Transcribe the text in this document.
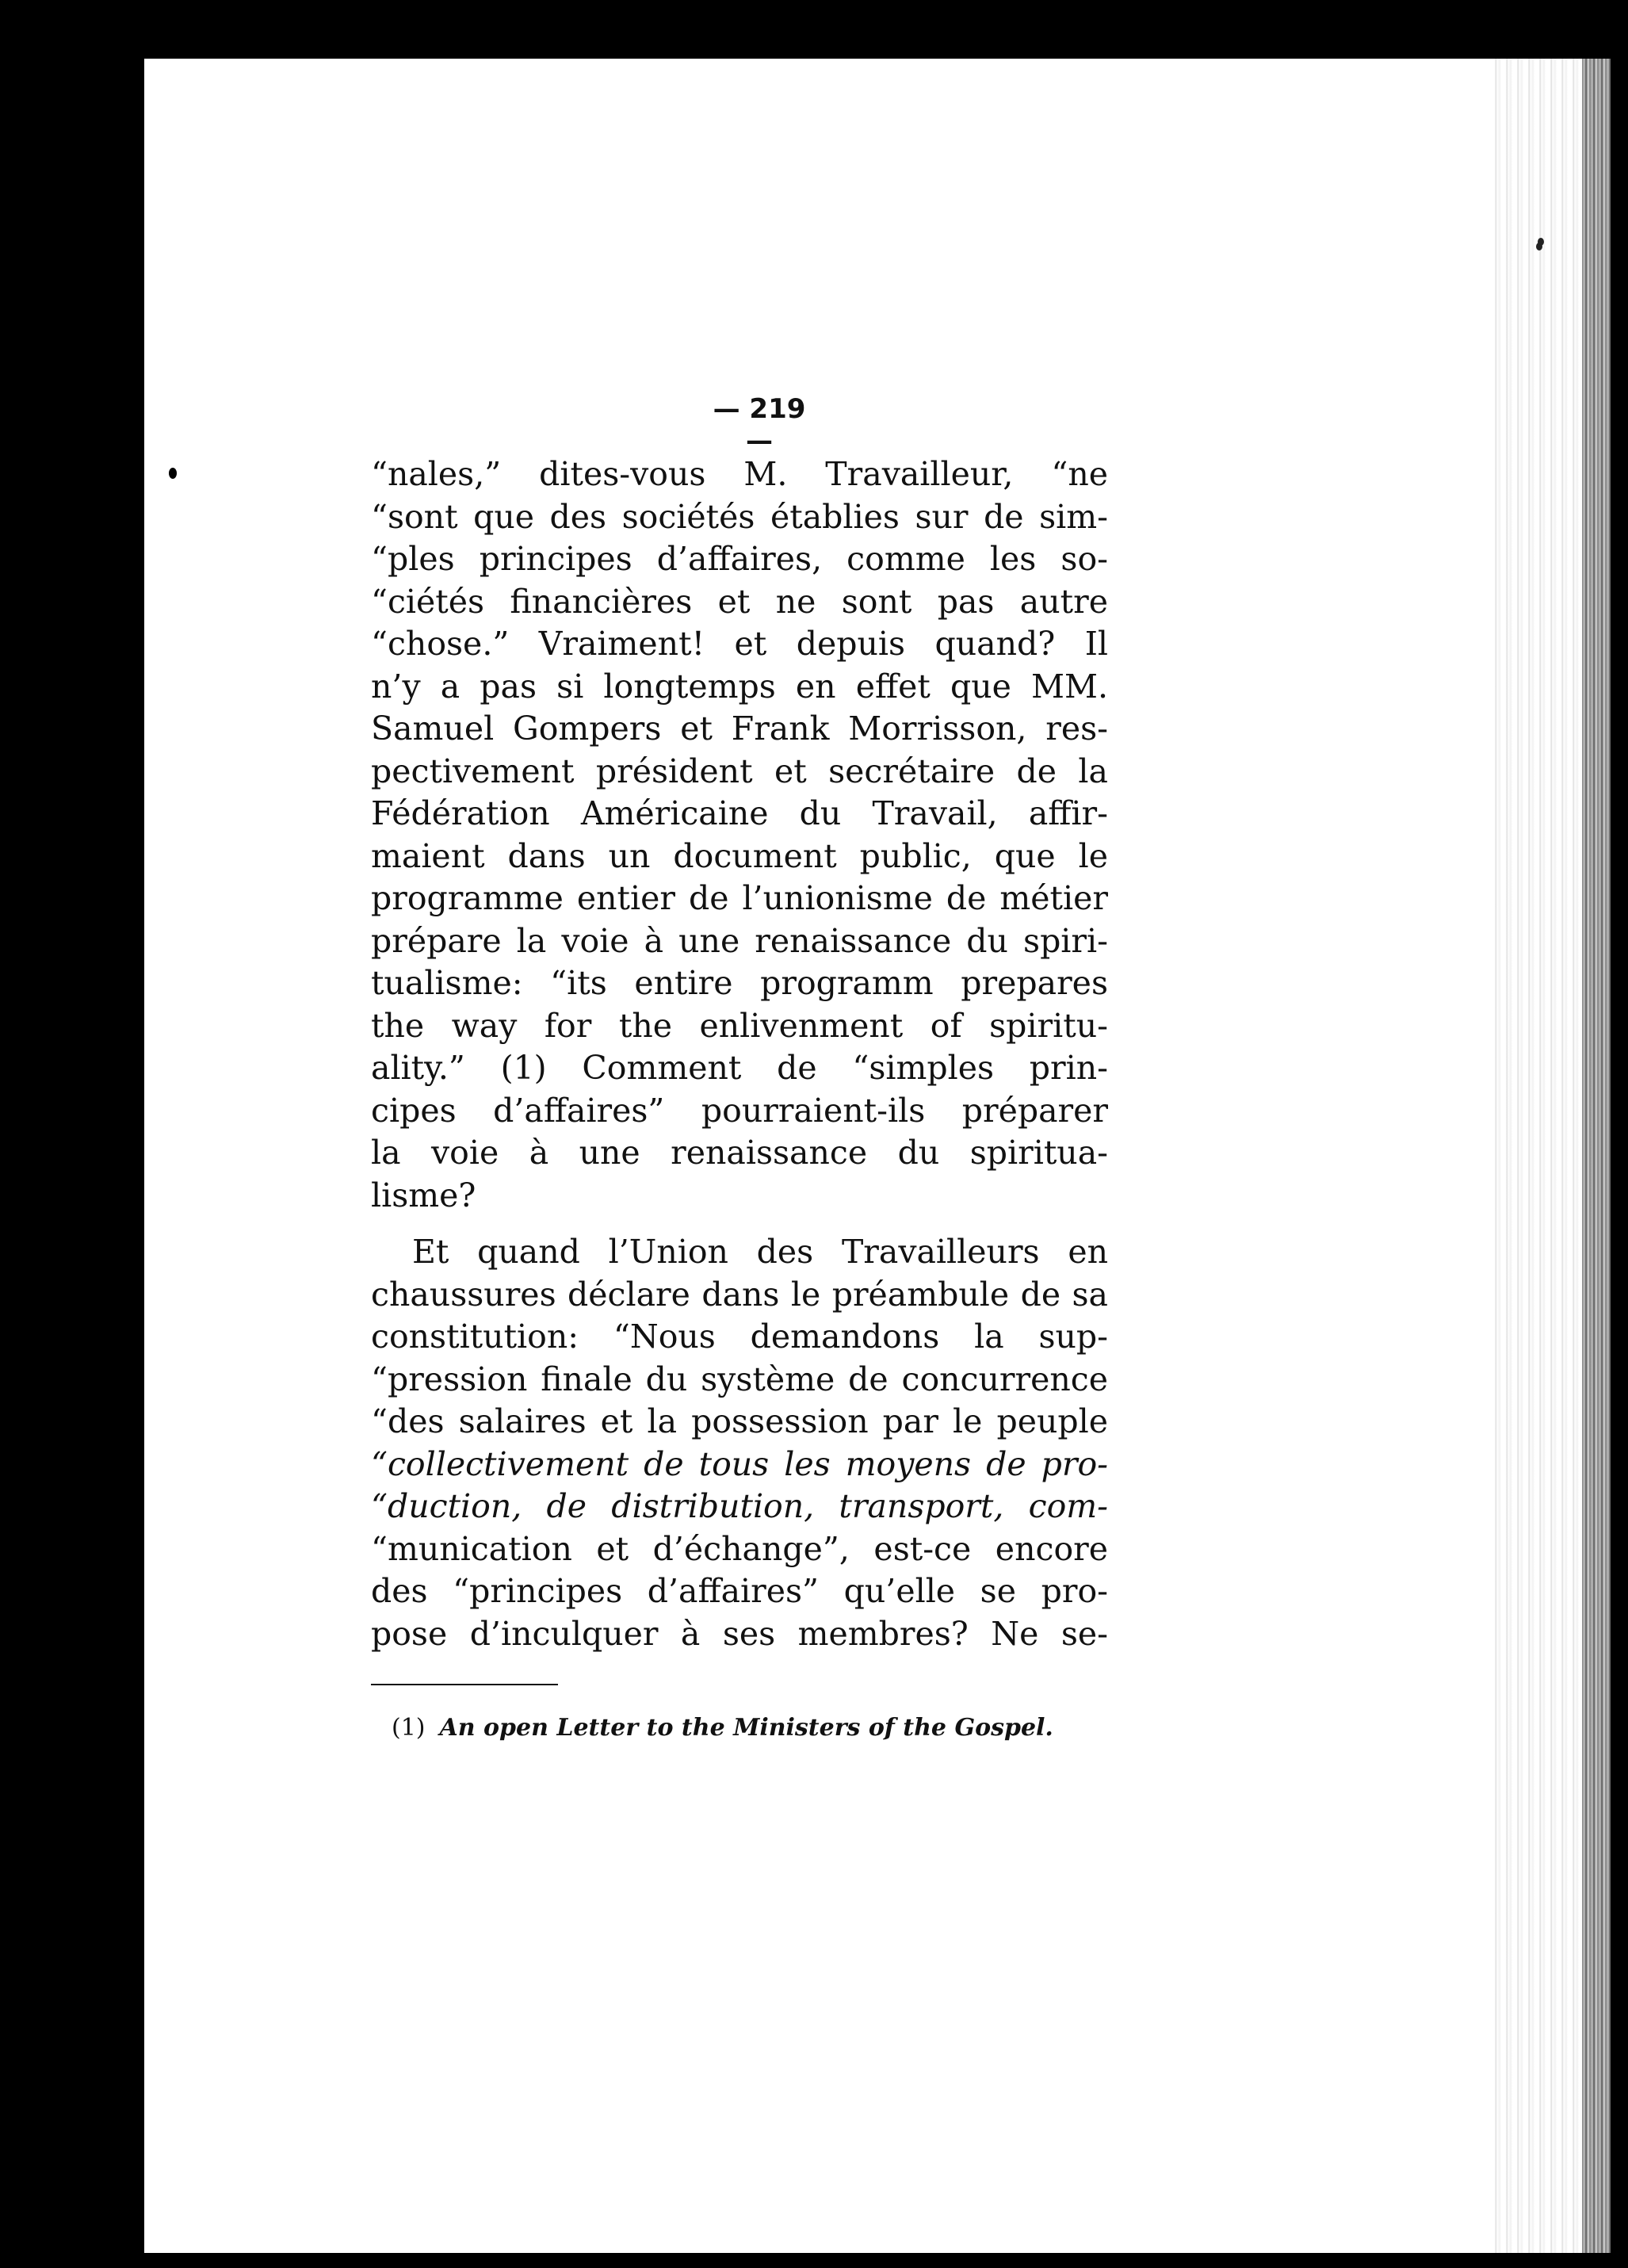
— 219 —
“nales,” dites-vous M. Travailleur, “ne
“sont que des sociétés établies sur de sim-
“ples principes d’affaires, comme les so-
“ciétés financières et ne sont pas autre
“chose.” Vraiment! et depuis quand? Il
n’y a pas si longtemps en effet que MM.
Samuel Gompers et Frank Morrisson, res-
pectivement président et secrétaire de la
Fédération Américaine du Travail, affir-
maient dans un document public, que le
programme entier de l’unionisme de métier
prépare la voie à une renaissance du spiri-
tualisme: “its entire programm prepares
the way for the enlivenment of spiritu-
ality.” (1) Comment de “simples prin-
cipes d’affaires” pourraient-ils préparer
la voie à une renaissance du spiritua-
lisme?
Et quand l’Union des Travailleurs en
chaussures déclare dans le préambule de sa
constitution: “Nous demandons la sup-
“pression finale du système de concurrence
“des salaires et la possession par le peuple
“collectivement de tous les moyens de pro-
“duction, de distribution, transport, com-
“munication et d’échange”, est-ce encore
des “principes d’affaires” qu’elle se pro-
pose d’inculquer à ses membres? Ne se-
(1) An open Letter to the Ministers of the Gospel.
